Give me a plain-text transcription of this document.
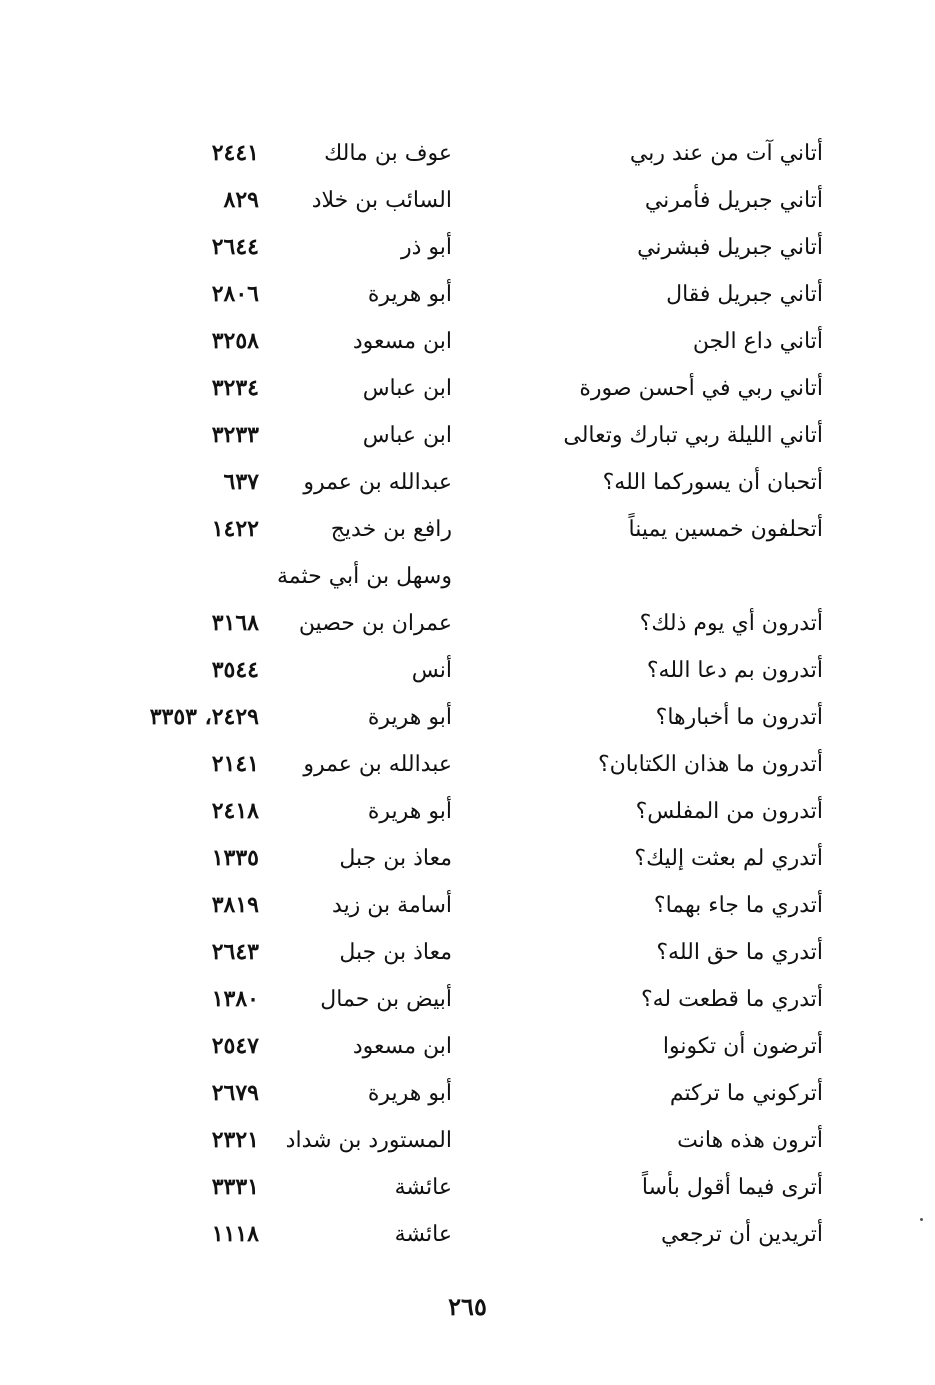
أتاني آت من عند ربي
عوف بن مالك
٢٤٤١
أتاني جبريل فأمرني
السائب بن خلاد
٨٢٩
أتاني جبريل فبشرني
أبو ذر
٢٦٤٤
أتاني جبريل فقال
أبو هريرة
٢٨٠٦
أتاني داع الجن
ابن مسعود
٣٢٥٨
أتاني ربي في أحسن صورة
ابن عباس
٣٢٣٤
أتاني الليلة ربي تبارك وتعالى
ابن عباس
٣٢٣٣
أتحبان أن يسوركما الله؟
عبدالله بن عمرو
٦٣٧
أتحلفون خمسين يميناً
رافع بن خديج
١٤٢٢
وسهل بن أبي حثمة
أتدرون أي يوم ذلك؟
عمران بن حصين
٣١٦٨
أتدرون بم دعا الله؟
أنس
٣٥٤٤
أتدرون ما أخبارها؟
أبو هريرة
٢٤٢٩، ٣٣٥٣
أتدرون ما هذان الكتابان؟
عبدالله بن عمرو
٢١٤١
أتدرون من المفلس؟
أبو هريرة
٢٤١٨
أتدري لم بعثت إليك؟
معاذ بن جبل
١٣٣٥
أتدري ما جاء بهما؟
أسامة بن زيد
٣٨١٩
أتدري ما حق الله؟
معاذ بن جبل
٢٦٤٣
أتدري ما قطعت له؟
أبيض بن حمال
١٣٨٠
أترضون أن تكونوا
ابن مسعود
٢٥٤٧
أتركوني ما تركتم
أبو هريرة
٢٦٧٩
أترون هذه هانت
المستورد بن شداد
٢٣٢١
أترى فيما أقول بأساً
عائشة
٣٣٣١
أتريدين أن ترجعي
عائشة
١١١٨
٢٦٥
